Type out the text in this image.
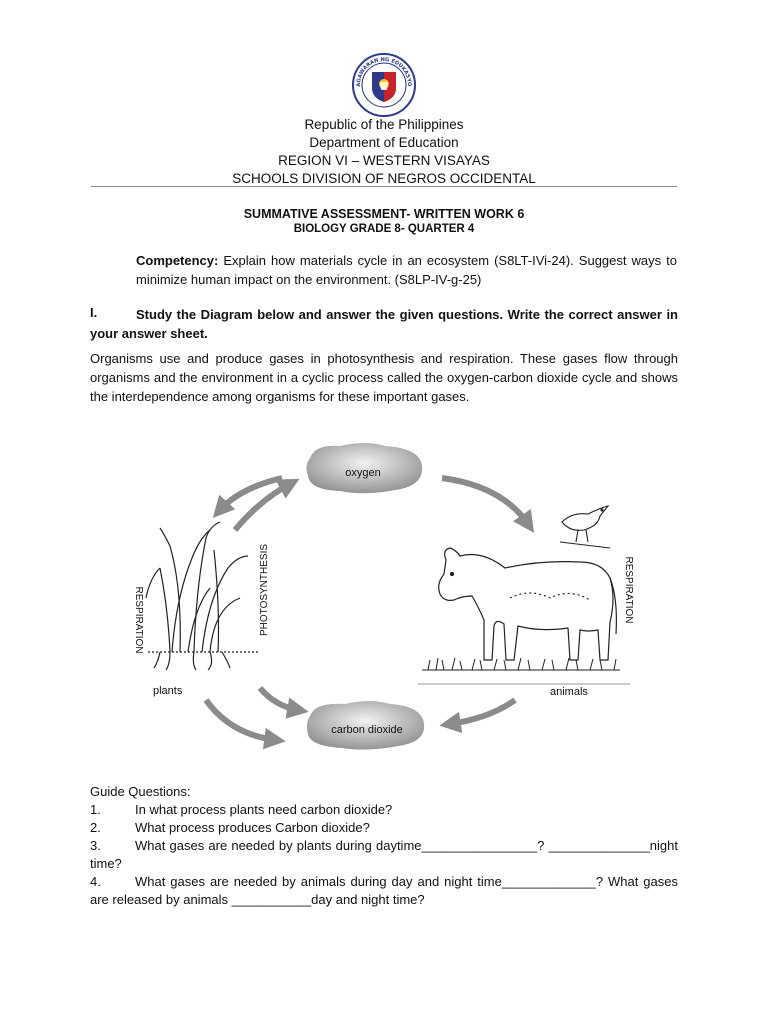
AGAWARAN NG EDUKASYO
Republic of the Philippines
Department of Education
REGION VI – WESTERN VISAYAS
SCHOOLS DIVISION OF NEGROS OCCIDENTAL
SUMMATIVE ASSESSMENT- WRITTEN WORK 6
BIOLOGY GRADE 8- QUARTER 4
Competency: Explain how materials cycle in an ecosystem (S8LT-IVi-24). Suggest ways to minimize human impact on the environment. (S8LP-IV-g-25)
I.	Study the Diagram below and answer the given questions. Write the correct answer in your answer sheet.
Organisms use and produce gases in photosynthesis and respiration. These gases flow through organisms and the environment in a cyclic process called the oxygen-carbon dioxide cycle and shows the interdependence among organisms for these important gases.
oxygen
carbon dioxide
plants
RESPIRATION	PHOTOSYNTHESIS	RESPIRATION
animals
Guide Questions:
1.	In what process plants need carbon dioxide?
2.	What process produces Carbon dioxide?
3.	What gases are needed by plants during daytime________________? ______________night time?
4.	What gases are needed by animals during day and night time_____________? What gases are released by animals ___________day and night time?
